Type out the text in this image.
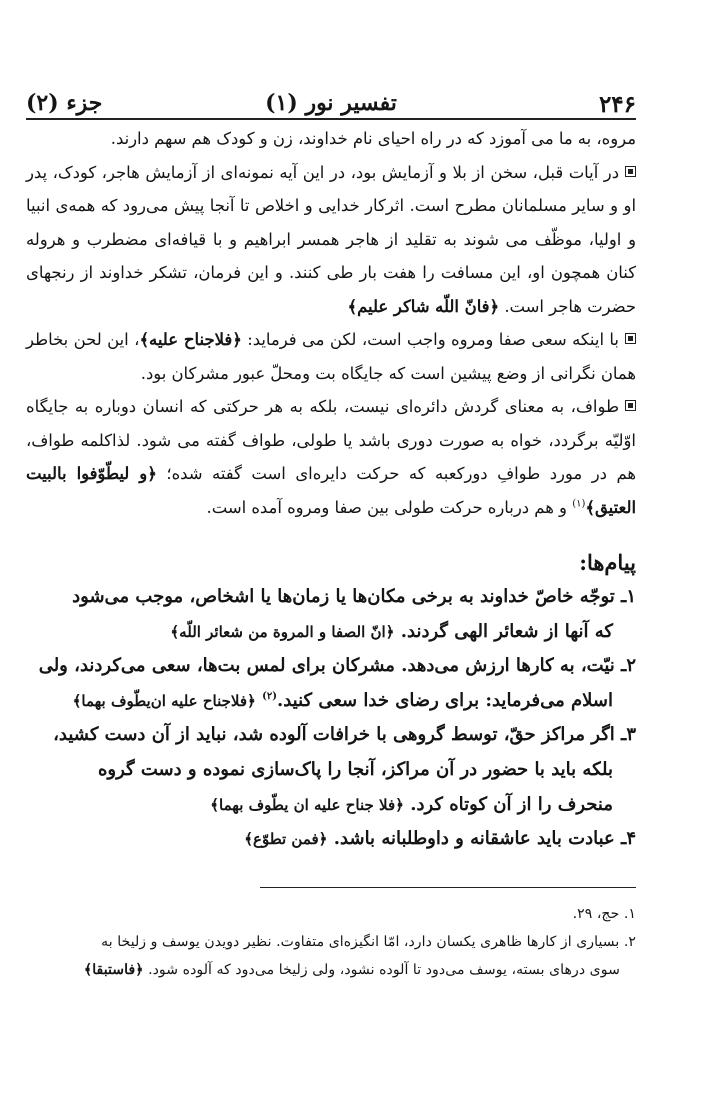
۲۴۶
تفسیر نور (۱)
جزء (۲)

مروه، به ما می آموزد که در راه احیای نام خداوند، زن و کودک هم سهم دارند.

در آیات قبل، سخن از بلا و آزمایش بود، در این آیه نمونه‌ای از آزمایش هاجر، کودک، پدر او و سایر مسلمانان مطرح است. اثرکار خدایی و اخلاص تا آنجا پیش می‌رود که همه‌ی انبیا و اولیا، موظّف می شوند به تقلید از هاجر همسر ابراهیم و با قیافه‌ای مضطرب و هروله کنان همچون او، این مسافت را هفت بار طی کنند. و این فرمان، تشکر خداوند از رنجهای حضرت هاجر است. ﴿فانّ اللّه شاکر علیم﴾

با اینکه سعی صفا ومروه واجب است، لکن می فرماید: ﴿فلاجناح علیه﴾، این لحن بخاطر همان نگرانی از وضع پیشین است که جایگاه بت ومحلّ عبور مشرکان بود.

طواف، به معنای گردش دائره‌ای نیست، بلکه به هر حرکتی که انسان دوباره به جایگاه اوّلیّه برگردد، خواه به صورت دوری باشد یا طولی، طواف گفته می شود. لذاکلمه طواف، هم در مورد طوافِ دورکعبه که حرکت دایره‌ای است گفته شده؛ ﴿و لیطّوّفوا بالبیت العتیق﴾$^{(۱)}$ و هم درباره حرکت طولی بین صفا ومروه آمده است.

پیام‌ها:

۱ـ توجّه خاصّ خداوند به برخی مکان‌ها یا زمان‌ها یا اشخاص، موجب می‌شود
که آنها از شعائر الهی گردند. ﴿انّ الصفا و المروة من شعائر اللّه﴾

۲ـ نیّت، به کارها ارزش می‌دهد. مشرکان برای لمس بت‌ها، سعی می‌کردند، ولی
اسلام می‌فرماید: برای رضای خدا سعی کنید.$^{(۲)}$ ﴿فلاجناح علیه ان‌یطّوف بهما﴾

۳ـ اگر مراکز حقّ، توسط گروهی با خرافات آلوده شد، نباید از آن دست کشید،
بلکه باید با حضور در آن مراکز، آنجا را پاک‌سازی نموده و دست گروه
منحرف را از آن کوتاه کرد. ﴿فلا جناح علیه ان یطّوف بهما﴾

۴ـ عبادت باید عاشقانه و داوطلبانه باشد. ﴿فمن تطوّع﴾

۱. حج، ۲۹.

۲. بسیاری از کارها ظاهری یکسان دارد، امّا انگیزه‌ای متفاوت. نظیر دویدن یوسف و زلیخا به
سوی درهای بسته، یوسف می‌دود تا آلوده نشود، ولی زلیخا می‌دود که آلوده شود. ﴿فاستبقا﴾
